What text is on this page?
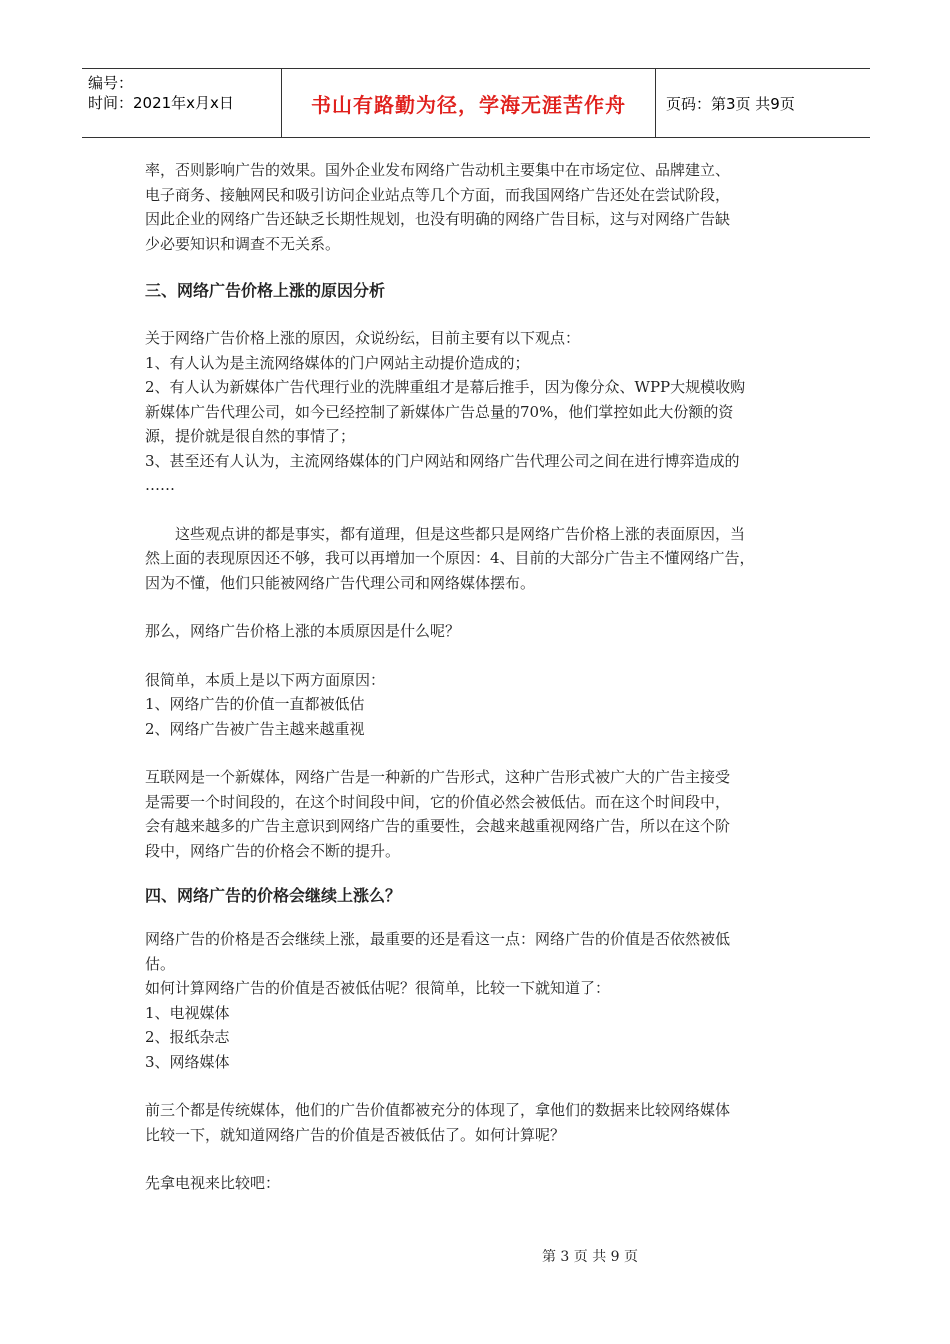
编号：
时间：2021年x月x日	书山有路勤为径，学海无涯苦作舟	页码：第3页 共9页

率，否则影响广告的效果。国外企业发布网络广告动机主要集中在市场定位、品牌建立、

电子商务、接触网民和吸引访问企业站点等几个方面，而我国网络广告还处在尝试阶段，

因此企业的网络广告还缺乏长期性规划，也没有明确的网络广告目标，这与对网络广告缺

少必要知识和调查不无关系。

三、网络广告价格上涨的原因分析

关于网络广告价格上涨的原因，众说纷纭，目前主要有以下观点：

1、有人认为是主流网络媒体的门户网站主动提价造成的；

2、有人认为新媒体广告代理行业的洗牌重组才是幕后推手，因为像分众、WPP大规模收购

新媒体广告代理公司，如今已经控制了新媒体广告总量的70%，他们掌控如此大份额的资

源，提价就是很自然的事情了；

3、甚至还有人认为，主流网络媒体的门户网站和网络广告代理公司之间在进行博弈造成的

……

这些观点讲的都是事实，都有道理，但是这些都只是网络广告价格上涨的表面原因，当

然上面的表现原因还不够，我可以再增加一个原因：4、目前的大部分广告主不懂网络广告，

因为不懂，他们只能被网络广告代理公司和网络媒体摆布。

那么，网络广告价格上涨的本质原因是什么呢？

很简单，本质上是以下两方面原因：

1、网络广告的价值一直都被低估

2、网络广告被广告主越来越重视

互联网是一个新媒体，网络广告是一种新的广告形式，这种广告形式被广大的广告主接受

是需要一个时间段的，在这个时间段中间，它的价值必然会被低估。而在这个时间段中，

会有越来越多的广告主意识到网络广告的重要性，会越来越重视网络广告，所以在这个阶

段中，网络广告的价格会不断的提升。

四、网络广告的价格会继续上涨么？

网络广告的价格是否会继续上涨，最重要的还是看这一点：网络广告的价值是否依然被低

估。

如何计算网络广告的价值是否被低估呢？很简单，比较一下就知道了：

1、电视媒体

2、报纸杂志

3、网络媒体

前三个都是传统媒体，他们的广告价值都被充分的体现了，拿他们的数据来比较网络媒体

比较一下，就知道网络广告的价值是否被低估了。如何计算呢？

先拿电视来比较吧：

第 3 页 共 9 页
